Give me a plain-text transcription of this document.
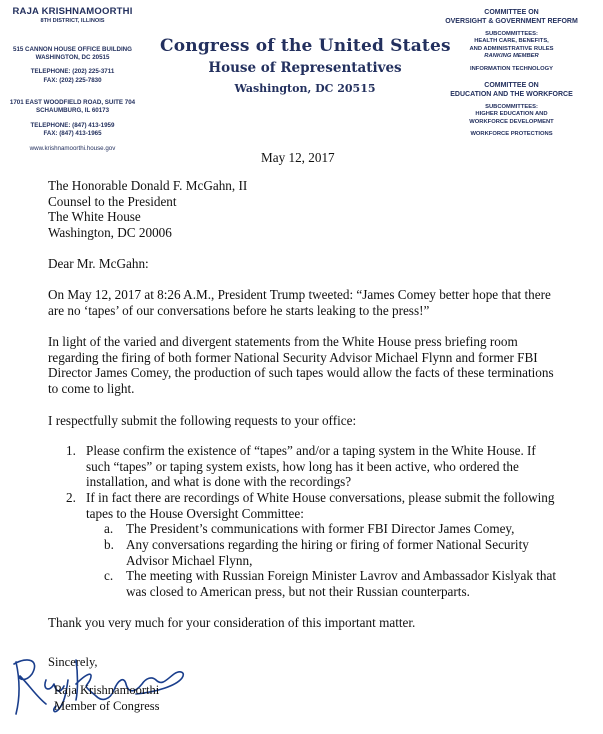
RAJA KRISHNAMOORTHI
8TH DISTRICT, ILLINOIS
515 CANNON HOUSE OFFICE BUILDING
WASHINGTON, DC 20515
TELEPHONE: (202) 225-3711
FAX: (202) 225-7830
1701 EAST WOODFIELD ROAD, SUITE 704
SCHAUMBURG, IL 60173
TELEPHONE: (847) 413-1959
FAX: (847) 413-1965
www.krishnamoorthi.house.gov
Congress of the United States
House of Representatives
Washington, DC 20515
COMMITTEE ON
OVERSIGHT & GOVERNMENT REFORM
SUBCOMMITTEES:
HEALTH CARE, BENEFITS,
AND ADMINISTRATIVE RULES
RANKING MEMBER
INFORMATION TECHNOLOGY
COMMITTEE ON
EDUCATION AND THE WORKFORCE
SUBCOMMITTEES:
HIGHER EDUCATION AND
WORKFORCE DEVELOPMENT
WORKFORCE PROTECTIONS
May 12, 2017
The Honorable Donald F. McGahn, II
Counsel to the President
The White House
Washington, DC 20006
Dear Mr. McGahn:
On May 12, 2017 at 8:26 A.M., President Trump tweeted: “James Comey better hope that there
are no ‘tapes’ of our conversations before he starts leaking to the press!”
In light of the varied and divergent statements from the White House press briefing room
regarding the firing of both former National Security Advisor Michael Flynn and former FBI
Director James Comey, the production of such tapes would allow the facts of these terminations
to come to light.
I respectfully submit the following requests to your office:
1. Please confirm the existence of “tapes” and/or a taping system in the White House. If
such “tapes” or taping system exists, how long has it been active, who ordered the
installation, and what is done with the recordings?
2. If in fact there are recordings of White House conversations, please submit the following
tapes to the House Oversight Committee:
a. The President’s communications with former FBI Director James Comey,
b. Any conversations regarding the hiring or firing of former National Security
Advisor Michael Flynn,
c. The meeting with Russian Foreign Minister Lavrov and Ambassador Kislyak that
was closed to American press, but not their Russian counterparts.
Thank you very much for your consideration of this important matter.
Sincerely,
Raja Krishnamoorthi
Member of Congress
